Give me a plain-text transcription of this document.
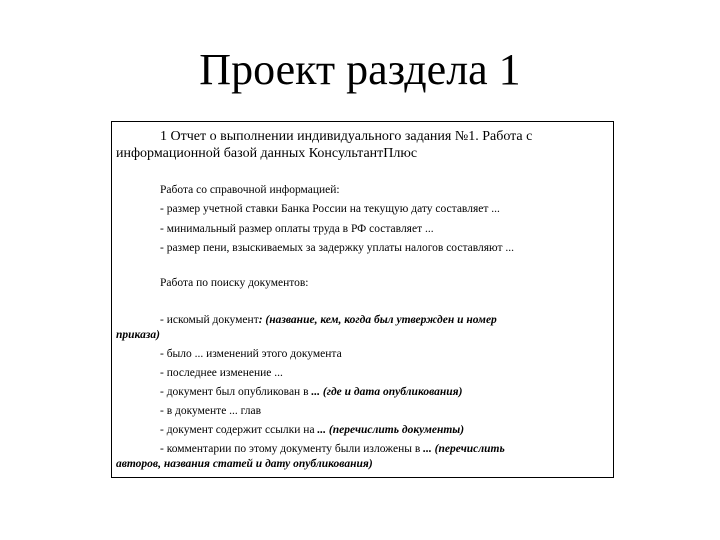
Проект раздела 1

1 Отчет о выполнении индивидуального задания №1. Работа с

информационной базой данных КонсультантПлюс

Работа со справочной информацией:

- размер учетной ставки Банка России на текущую дату составляет ...

- минимальный размер оплаты труда в РФ составляет ...

- размер пени, взыскиваемых за задержку уплаты налогов составляют ...

Работа по поиску документов:

- искомый документ: (название, кем, когда был утвержден и номер

приказа)

- было ... изменений этого документа

- последнее изменение ...

- документ был опубликован в ... (где и дата опубликования)

- в документе ... глав

- документ содержит ссылки на ... (перечислить документы)

- комментарии по этому документу были изложены в ... (перечислить

авторов, названия статей и дату опубликования)
